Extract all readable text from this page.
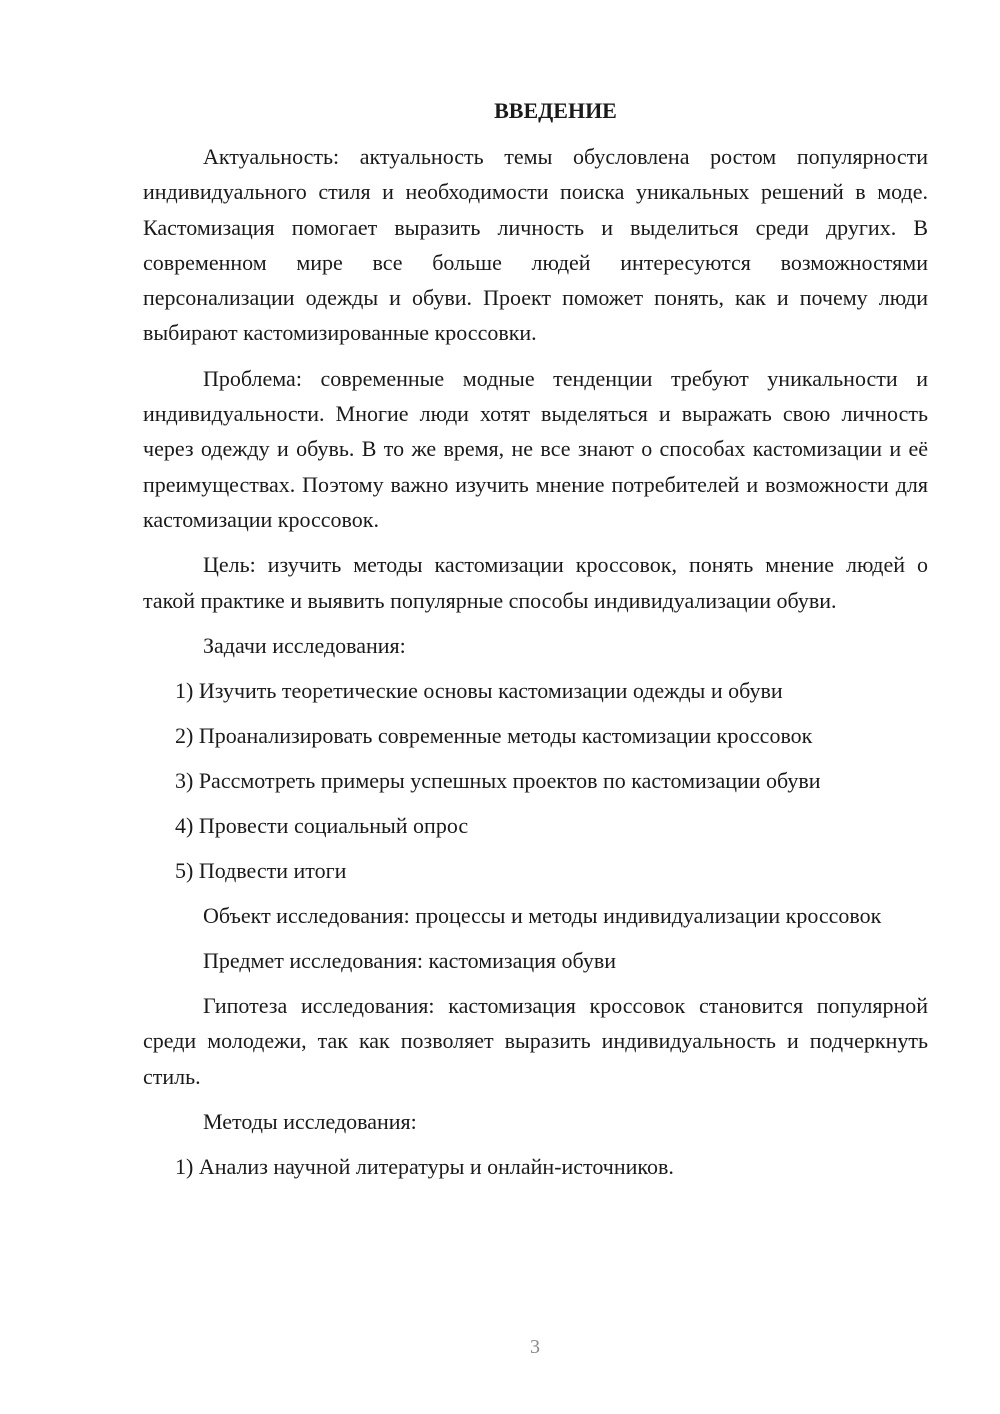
ВВЕДЕНИЕ

Актуальность: актуальность темы обусловлена ростом популярности индивидуального стиля и необходимости поиска уникальных решений в моде. Кастомизация помогает выразить личность и выделиться среди других. В современном мире все больше людей интересуются возможностями персонализации одежды и обуви. Проект поможет понять, как и почему люди выбирают кастомизированные кроссовки.

Проблема: современные модные тенденции требуют уникальности и индивидуальности. Многие люди хотят выделяться и выражать свою личность через одежду и обувь. В то же время, не все знают о способах кастомизации и её преимуществах. Поэтому важно изучить мнение потребителей и возможности для кастомизации кроссовок.

Цель: изучить методы кастомизации кроссовок, понять мнение людей о такой практике и выявить популярные способы индивидуализации обуви.

Задачи исследования:

1) Изучить теоретические основы кастомизации одежды и обуви

2) Проанализировать современные методы кастомизации кроссовок

3) Рассмотреть примеры успешных проектов по кастомизации обуви

4) Провести социальный опрос

5) Подвести итоги

Объект исследования: процессы и методы индивидуализации кроссовок

Предмет исследования: кастомизация обуви

Гипотеза исследования: кастомизация кроссовок становится популярной среди молодежи, так как позволяет выразить индивидуальность и подчеркнуть стиль.

Методы исследования:

1) Анализ научной литературы и онлайн-источников.

3
